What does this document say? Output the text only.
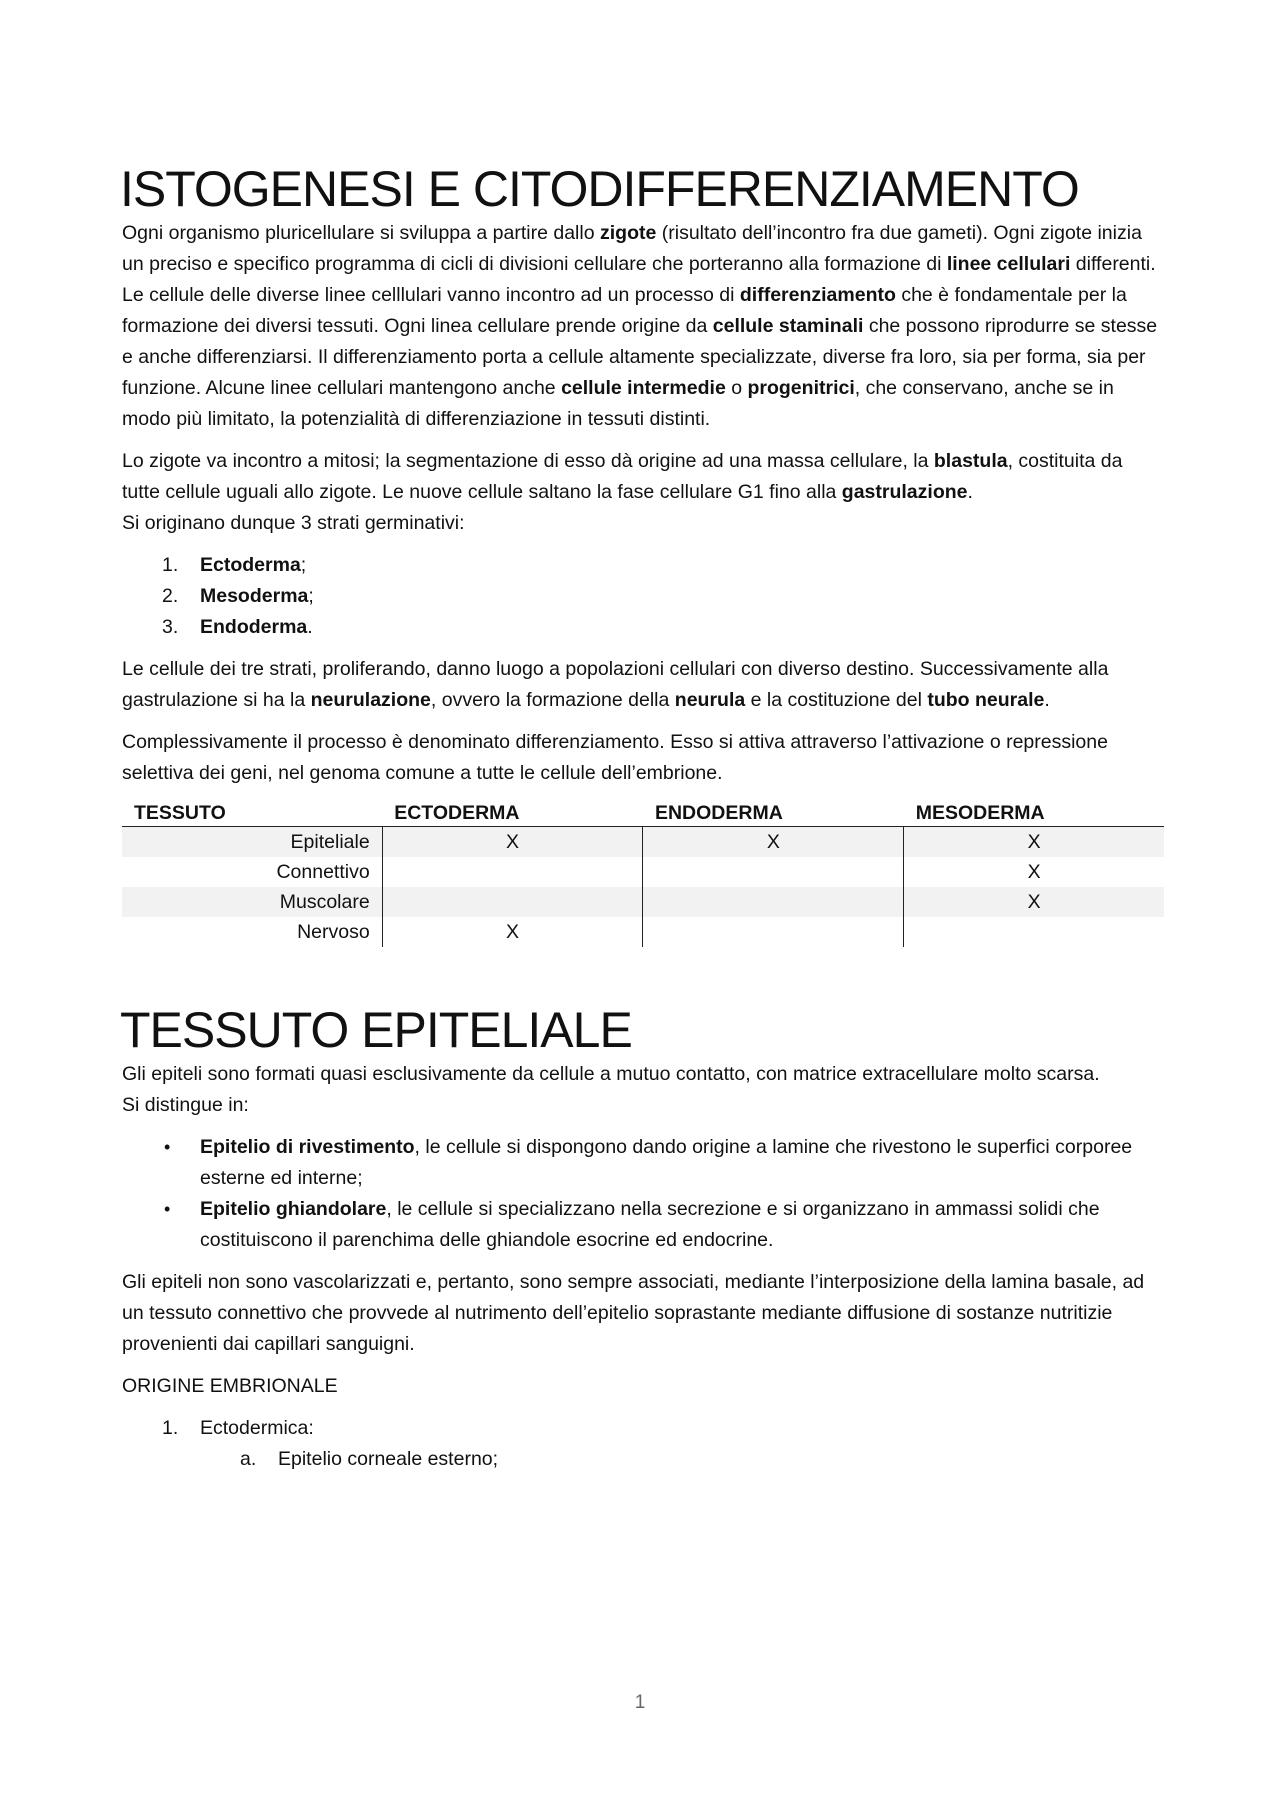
ISTOGENESI E CITODIFFERENZIAMENTO

Ogni organismo pluricellulare si sviluppa a partire dallo zigote (risultato dell’incontro fra due gameti). Ogni zigote inizia un preciso e specifico programma di cicli di divisioni cellulare che porteranno alla formazione di linee cellulari differenti. Le cellule delle diverse linee celllulari vanno incontro ad un processo di differenziamento che è fondamentale per la formazione dei diversi tessuti. Ogni linea cellulare prende origine da cellule staminali che possono riprodurre se stesse e anche differenziarsi. Il differenziamento porta a cellule altamente specializzate, diverse fra loro, sia per forma, sia per funzione. Alcune linee cellulari mantengono anche cellule intermedie o progenitrici, che conservano, anche se in modo più limitato, la potenzialità di differenziazione in tessuti distinti.

Lo zigote va incontro a mitosi; la segmentazione di esso dà origine ad una massa cellulare, la blastula, costituita da tutte cellule uguali allo zigote. Le nuove cellule saltano la fase cellulare G1 fino alla gastrulazione.

Si originano dunque 3 strati germinativi:

1.	Ectoderma;
2.	Mesoderma;
3.	Endoderma.

Le cellule dei tre strati, proliferando, danno luogo a popolazioni cellulari con diverso destino. Successivamente alla gastrulazione si ha la neurulazione, ovvero la formazione della neurula e la costituzione del tubo neurale.

Complessivamente il processo è denominato differenziamento. Esso si attiva attraverso l’attivazione o repressione selettiva dei geni, nel genoma comune a tutte le cellule dell’embrione.

TESSUTO	ECTODERMA	ENDODERMA	MESODERMA
Epiteliale	X	X	X
Connettivo			X
Muscolare			X
Nervoso	X		
TESSUTO EPITELIALE

Gli epiteli sono formati quasi esclusivamente da cellule a mutuo contatto, con matrice extracellulare molto scarsa.

Si distingue in:

•	Epitelio di rivestimento, le cellule si dispongono dando origine a lamine che rivestono le superfici corporee esterne ed interne;
•	Epitelio ghiandolare, le cellule si specializzano nella secrezione e si organizzano in ammassi solidi che costituiscono il parenchima delle ghiandole esocrine ed endocrine.

Gli epiteli non sono vascolarizzati e, pertanto, sono sempre associati, mediante l’interposizione della lamina basale, ad un tessuto connettivo che provvede al nutrimento dell’epitelio soprastante mediante diffusione di sostanze nutritizie provenienti dai capillari sanguigni.

ORIGINE EMBRIONALE

1.	Ectodermica:
a.	Epitelio corneale esterno;
1
